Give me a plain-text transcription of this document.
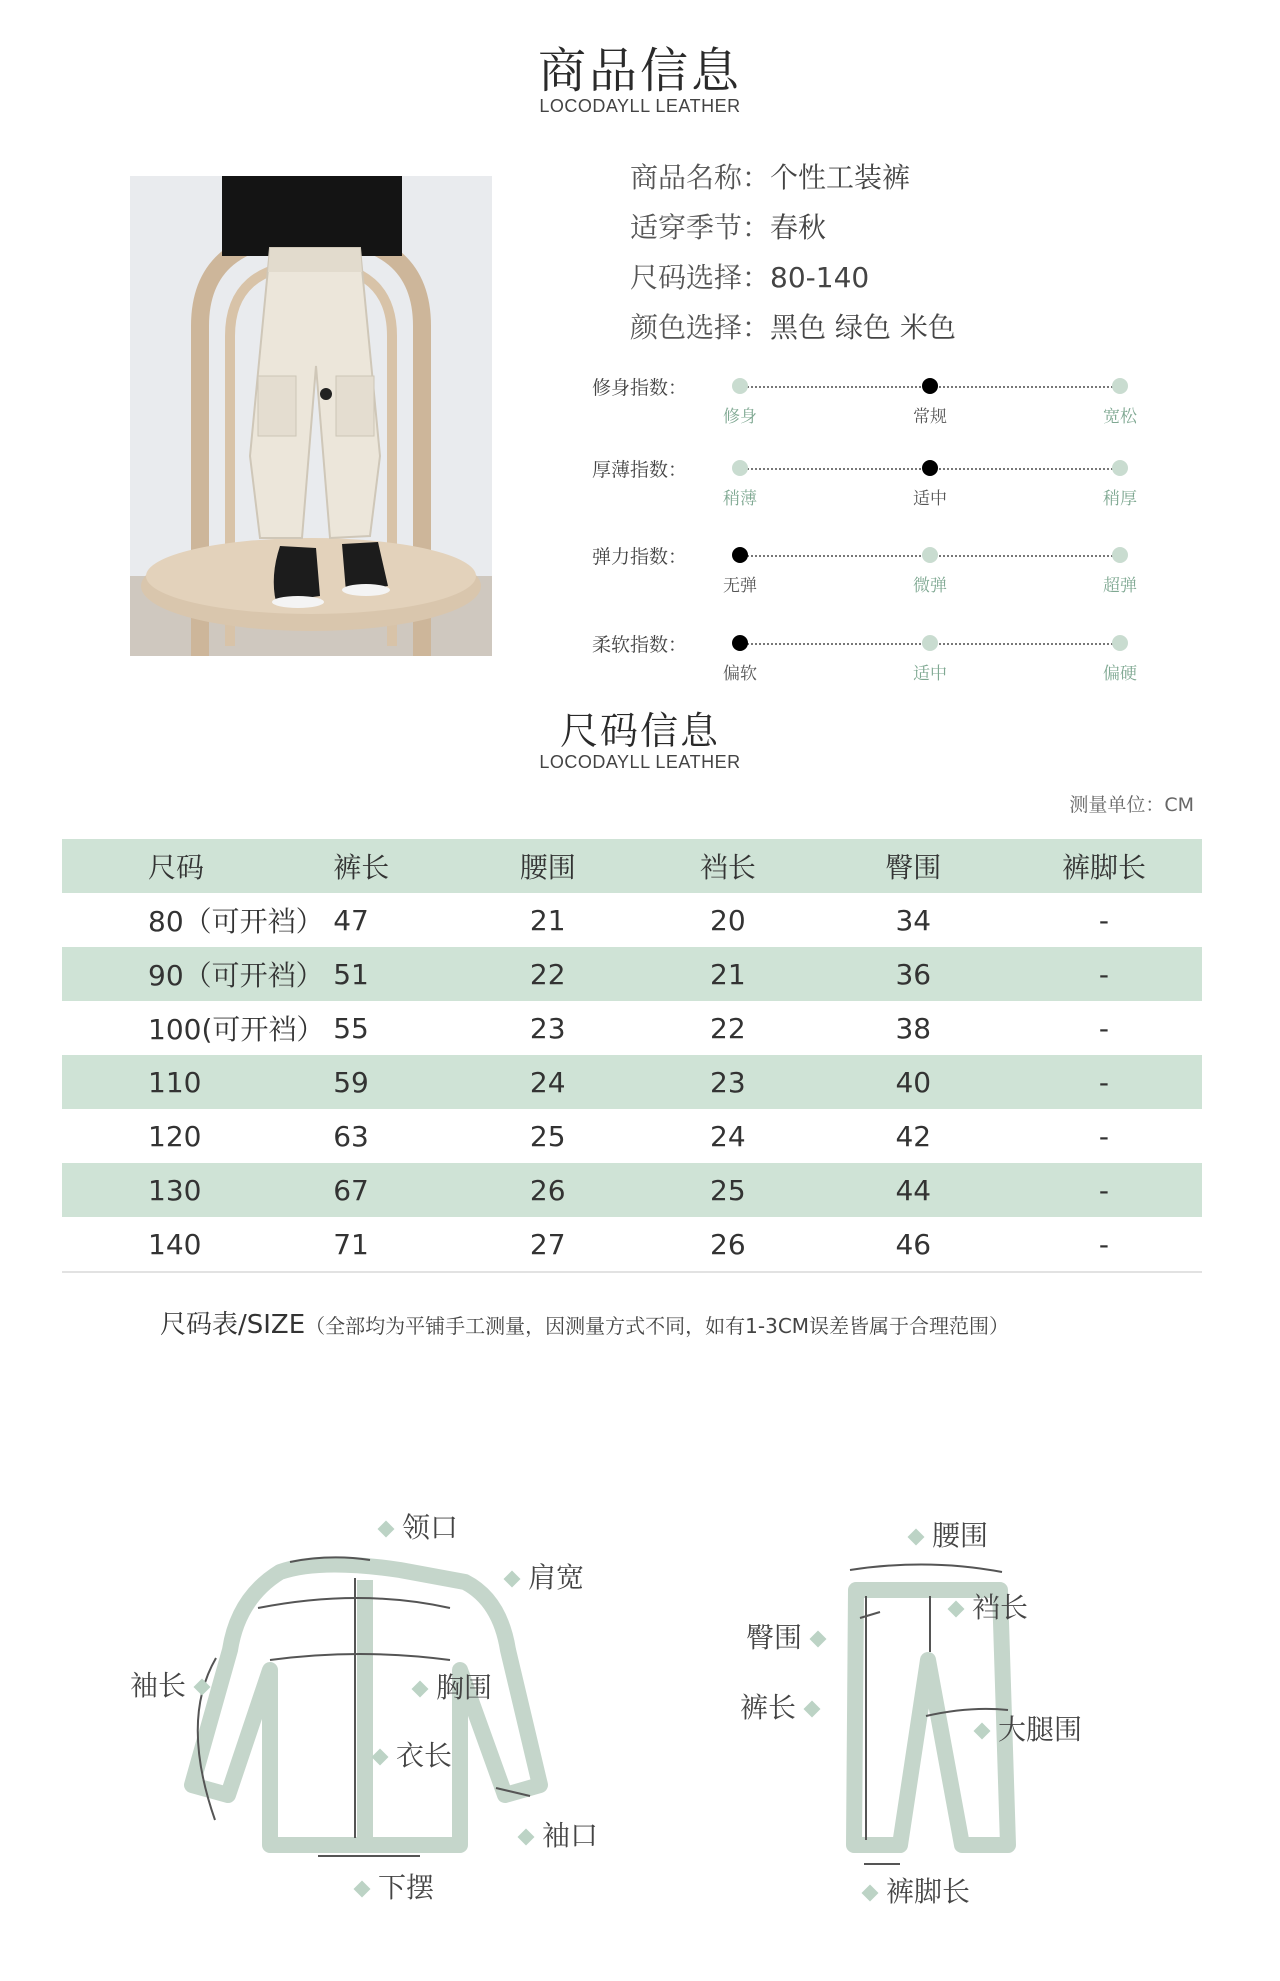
商品信息
LOCODAYLL LEATHER
商品名称：个性工装裤
适穿季节：春秋
尺码选择：80-140
颜色选择：黑色 绿色 米色
修身指数：
修身	常规	宽松
厚薄指数：
稍薄	适中	稍厚
弹力指数：
无弹	微弹	超弹
柔软指数：
偏软	适中	偏硬
尺码信息
LOCODAYLL LEATHER
测量单位：CM
尺码	裤长	腰围	裆长	臀围	裤脚长
80（可开裆）	47	21	20	34	-
90（可开裆）	51	22	21	36	-
100(可开裆）	55	23	22	38	-
110	59	24	23	40	-
120	63	25	24	42	-
130	67	26	25	44	-
140	71	27	26	46	-
尺码表/SIZE（全部均为平铺手工测量，因测量方式不同，如有1-3CM误差皆属于合理范围）
领口
肩宽
袖长	胸围
衣长
袖口
下摆
腰围
裆长
臀围
裤长
大腿围
裤脚长
